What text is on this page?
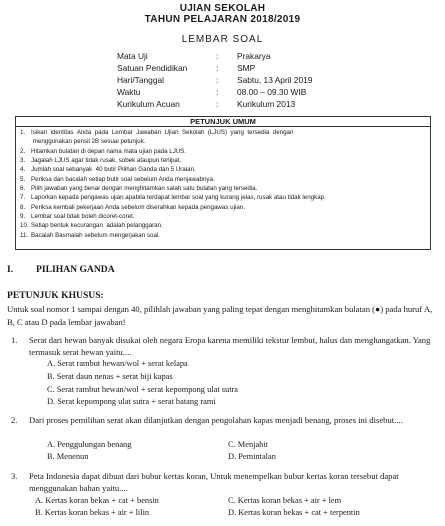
UJIAN SEKOLAH
TAHUN PELAJARAN 2018/2019
LEMBAR SOAL
Mata Uji	: Prakarya
Satuan Pendidikan	: SMP
Hari/Tanggal	: Sabtu, 13 April 2019
Waktu	: 08.00 – 09.30 WIB
Kurikulum Acuan	: Kurikulum 2013
PETUNJUK UMUM
1. Isikan  identitas  Anda  pada  Lembar  Jawaban  Ujian  Sekolah  (LJUS)  yang  tersedia  dengan
menggunakan pensil 2B sesuai petunjuk.
2. Hitamkan bulatan di depan nama mata ujian pada LJUS.
3. Jagalah LJUS agar tidak rusak, sobek ataupun terlipat.
4. Jumlah soal sebanyak  40 butir Pilihan Ganda dan 5 Uraian.
5. Periksa dan bacalah setiap butir soal sebelum Anda menjawabnya.
6. Pilih jawaban yang benar dengan menghitamkan salah satu bulatan yang tersedia.
7. Laporkan kepada pengawas ujian apabila terdapat lembar soal yang kurang jelas, rusak atau tidak lengkap.
8. Periksa kembali pekerjaan Anda sebelum diserahkan kepada pengawas ujian.
9. Lembar soal tidak boleh dicoret-coret.
10. Setiap bentuk kecurangan  adalah pelanggaran.
11. Bacalah Basmalah sebelum mengerjakan soal.
I. PILIHAN GANDA
PETUNJUK KHUSUS:
Untuk soal nomor 1 sampai dengan 40, pilihlah jawaban yang paling tepat dengan menghitamkan bulatan (●) pada huruf A, B, C atau D pada lembar jawaban!
1. Serat dari hewan banyak disukai oleh negara Eropa karena memiliki tekstur lembut, halus dan menghangatkan. Yang termasuk serat hewan yaitu....
A. Serat rambut hewan/wol + serat kelapa
B. Serat daun nenas + serat biji kapas
C. Serat rambut hewan/wol + serat kepompong ulat sutra
D. Serat kepompong ulat sutra + serat batang rami
2. Dari proses pemilihan serat akan dilanjutkan dengan pengolahan kapas menjadi benang, proses ini disebut....
A. Penggulungan benang
B. Menenun
C. Menjahit
D. Pemintalan
3. Peta Indonesia dapat dibuat dari bubur kertas koran, Untuk menempelkan bubur kertas koran tersebut dapat menggunakan bahan yaitu....
A. Kertas koran bekas + cat + bensin
B. Kertas koran bekas + air + lilin
C. Kertas koran bekas + air + lem
D. Kertas koran bekas + cat + terpentin
